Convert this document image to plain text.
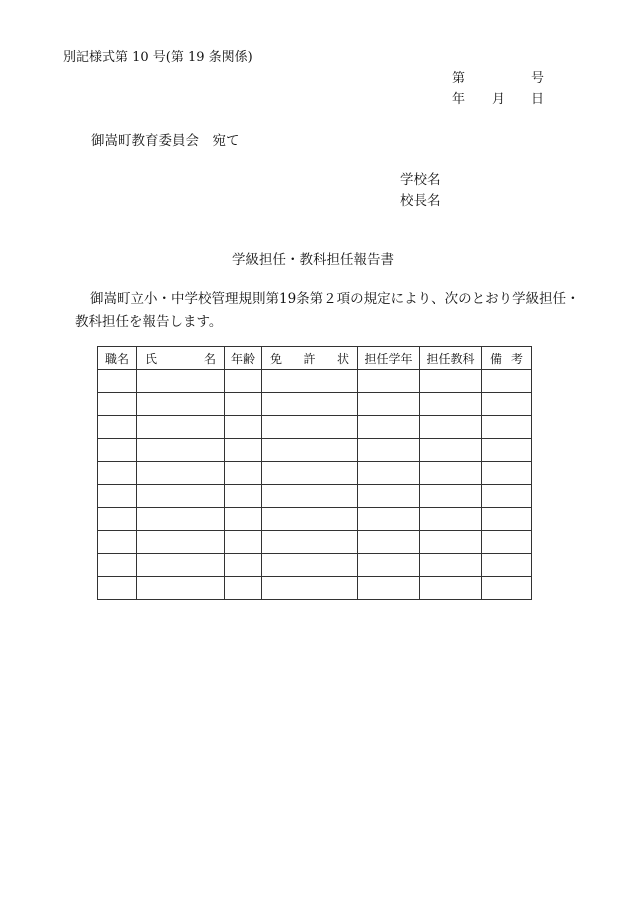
別記様式第 10 号(第 19 条関係)
第	号
年 月 日
御嵩町教育委員会　宛て
学校名
校長名
学級担任・教科担任報告書
御嵩町立小・中学校管理規則第19条第２項の規定により、次のとおり学級担任・
教科担任を報告します。
職名	氏 名	年齢	免 許 状	担任学年	担任教科	備 考
